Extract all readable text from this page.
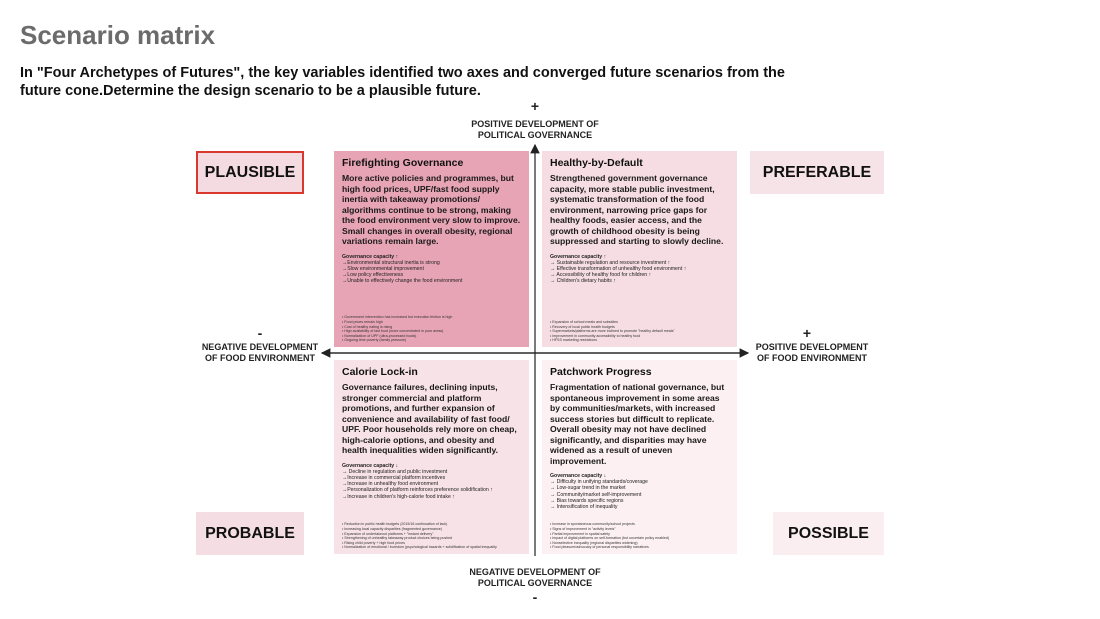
Scenario matrix
In "Four Archetypes of Futures", the key variables identified two axes and converged future scenarios from the future cone.Determine the design scenario to be a plausible future.
+
POSITIVE DEVELOPMENT OF
POLITICAL GOVERNANCE
NEGATIVE DEVELOPMENT OF
POLITICAL GOVERNANCE
-
-
NEGATIVE DEVELOPMENT
OF FOOD ENVIRONMENT
+
POSITIVE DEVELOPMENT
OF FOOD ENVIRONMENT
PLAUSIBLE	PREFERABLE
PROBABLE	POSSIBLE
Firefighting Governance
More active policies and programmes, but high food prices, UPF/fast food supply inertia with takeaway promotions/ algorithms continue to be strong, making the food environment very slow to improve. Small changes in overall obesity, regional variations remain large.
Governance capacity ↑
→Environmental structural inertia is strong
→Slow environmental improvement
→Low policy effectiveness
→Unable to effectively change the food environment
• Government intervention has increased but execution friction is high
• Food prices remain high
• Cost of healthy eating is rising
• High availability of fast food (more concentrated in poor areas)
• Normalization of UPF (ultra-processed foods)
• Ongoing time poverty (family pressure)
Healthy-by-Default
Strengthened government governance capacity, more stable public investment, systematic transformation of the food environment, narrowing price gaps for healthy foods, easier access, and the growth of childhood obesity is being suppressed and starting to slowly decline.
Governance capacity ↑
→ Sustainable regulation and resource investment ↑
→ Effective transformation of unhealthy food environment ↑
→ Accessibility of healthy food for children ↑
→ Children's dietary habits ↑
• Expansion of school meals and subsidies
• Recovery of local public health budgets
• Supermarkets/platforms are more inclined to promote "healthy default meals"
• Improvement in community accessibility to healthy food
• HFSS marketing restrictions
Calorie Lock-in
Governance failures, declining inputs, stronger commercial and platform promotions, and further expansion of convenience and availability of fast food/ UPF. Poor households rely more on cheap, high-calorie options, and obesity and health inequalities widen significantly.
Governance capacity ↓
→ Decline in regulation and public investment
→Increase in commercial platform incentives
→Increase in unhealthy food environment
→Personalization of platform reinforces preference solidification ↑
→Increase in children's high-calorie food intake ↑
• Reduction in public health budgets (2015/16 continuation of lack)
• Increasing local capacity disparities (fragmented governance)
• Expansion of undertakeout platforms + "instant delivery"
• Strengthening of unhealthy takeaway product choices being pushed
• Rising child poverty + high food prices
• Normalization of emotional / boredom (psychological hazards + solidification of spatial inequality
Patchwork Progress
Fragmentation of national governance, but spontaneous improvement in some areas by communities/markets, with increased success stories but difficult to replicate. Overall obesity may not have declined significantly, and disparities may have widened as a result of uneven improvement.
Governance capacity ↓
→ Difficulty in unifying standards/coverage
→ Low-sugar trend in the market
→ Community/market self-improvement
→ Bias towards specific regions
→ Intensification of inequality
• Increase in spontaneous community/school projects
• Signs of improvement in "activity levels"
• Partial improvement in spatial safety
• Impact of digital platforms on self-formation (but uncertain policy enabled)
• Nonselective inequality (regional disparities widening)
• Food pleasure/advocacy of personal responsibility narratives
